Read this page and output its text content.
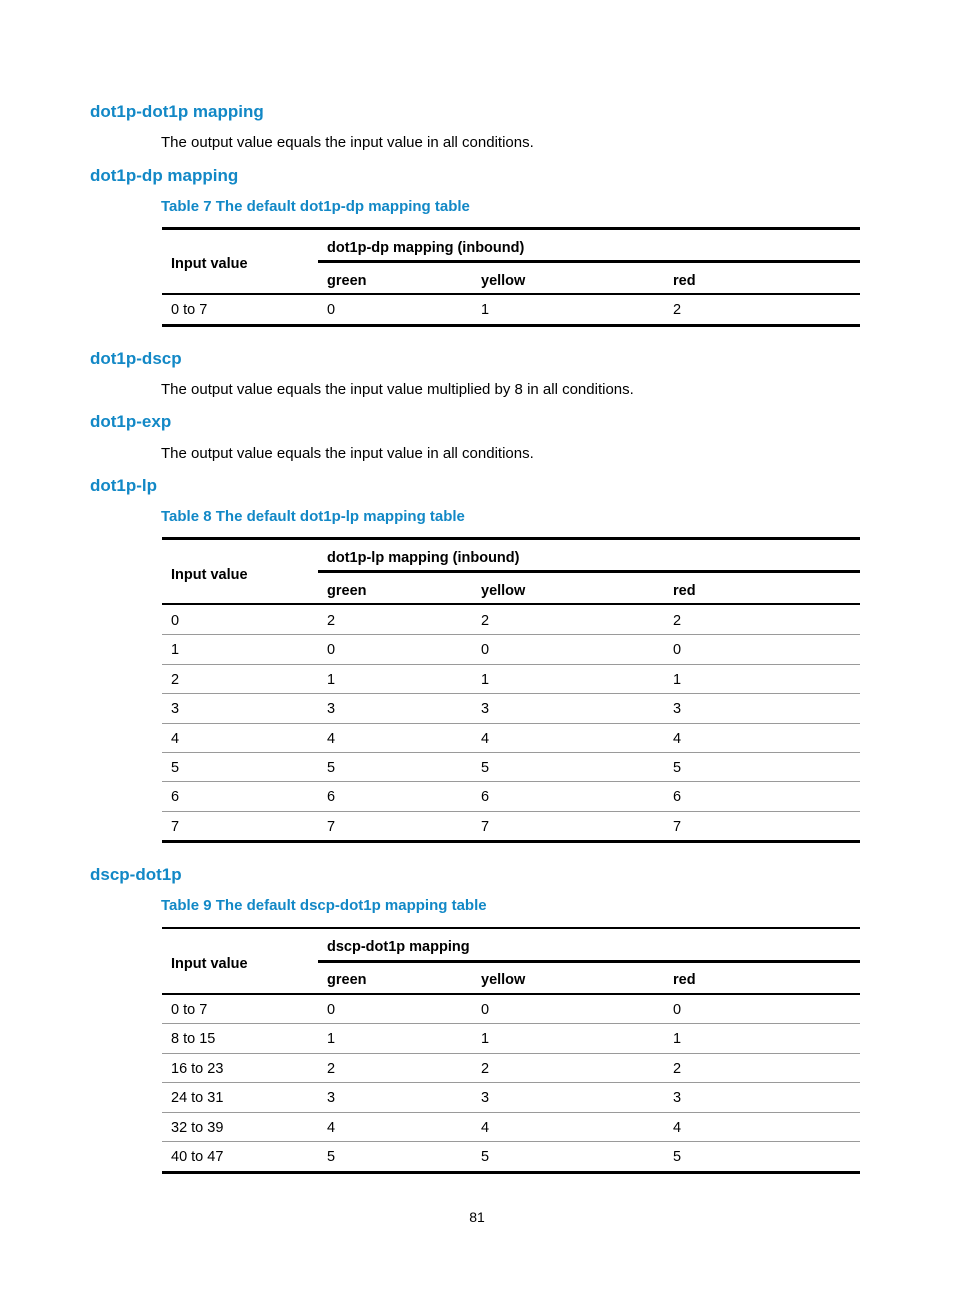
dot1p-dot1p mapping
The output value equals the input value in all conditions.
dot1p-dp mapping
Table 7 The default dot1p-dp mapping table
Input value
dot1p-dp mapping (inbound)
green	yellow	red
0 to 7	0	1	2
dot1p-dscp
The output value equals the input value multiplied by 8 in all conditions.
dot1p-exp
The output value equals the input value in all conditions.
dot1p-lp
Table 8 The default dot1p-lp mapping table
Input value
dot1p-lp mapping (inbound)
green	yellow	red
0	2	2	2
1	0	0	0
2	1	1	1
3	3	3	3
4	4	4	4
5	5	5	5
6	6	6	6
7	7	7	7
dscp-dot1p
Table 9 The default dscp-dot1p mapping table
Input value
dscp-dot1p mapping
green	yellow	red
0 to 7	0	0	0
8 to 15	1	1	1
16 to 23	2	2	2
24 to 31	3	3	3
32 to 39	4	4	4
40 to 47	5	5	5
81
